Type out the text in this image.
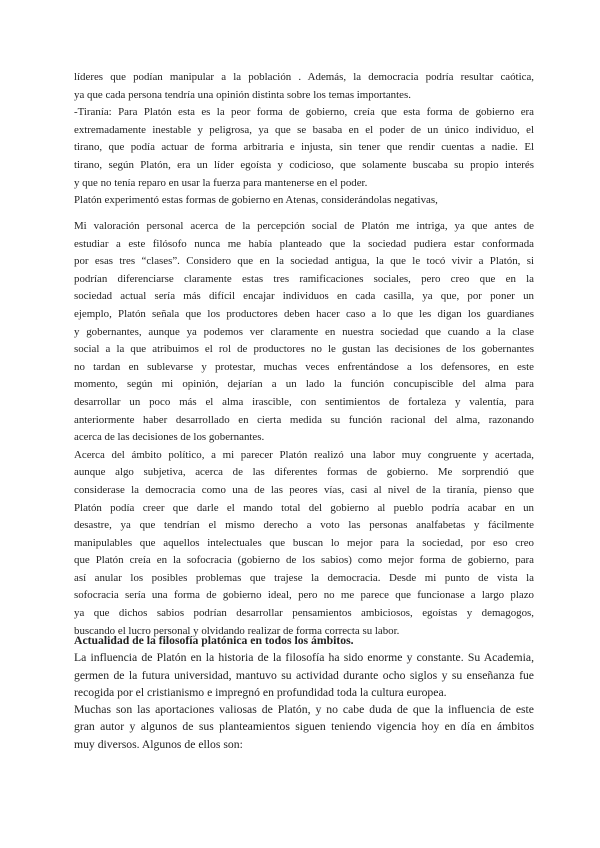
líderes que podían manipular a la población . Además, la democracia podría resultar caótica,
ya que cada persona tendría una opinión distinta sobre los temas importantes.
-Tiranía: Para Platón esta es la peor forma de gobierno, creía que esta forma de gobierno era
extremadamente inestable y peligrosa, ya que se basaba en el poder de un único individuo, el
tirano, que podía actuar de forma arbitraria e injusta, sin tener que rendir cuentas a nadie. El
tirano, según Platón, era un líder egoísta y codicioso, que solamente buscaba su propio interés
y que no tenía reparo en usar la fuerza para mantenerse en el poder.
Platón experimentó estas formas de gobierno en Atenas, considerándolas negativas,
Mi valoración personal acerca de la percepción social de Platón me intriga, ya que antes de
estudiar a este filósofo nunca me había planteado que la sociedad pudiera estar conformada
por esas tres “clases”. Considero que en la sociedad antigua, la que le tocó vivir a Platón, si
podrían diferenciarse claramente estas tres ramificaciones sociales, pero creo que en la
sociedad actual sería más difícil encajar individuos en cada casilla, ya que, por poner un
ejemplo, Platón señala que los productores deben hacer caso a lo que les digan los guardianes
y gobernantes, aunque ya podemos ver claramente en nuestra sociedad que cuando a la clase
social a la que atribuimos el rol de productores no le gustan las decisiones de los gobernantes
no tardan en sublevarse y protestar, muchas veces enfrentándose a los defensores, en este
momento, según mi opinión, dejarían a un lado la función concupiscible del alma para
desarrollar un poco más el alma irascible, con sentimientos de fortaleza y valentía, para
anteriormente haber desarrollado en cierta medida su función racional del alma, razonando
acerca de las decisiones de los gobernantes.
Acerca del ámbito político, a mi parecer Platón realizó una labor muy congruente y acertada,
aunque algo subjetiva, acerca de las diferentes formas de gobierno. Me sorprendió que
considerase la democracia como una de las peores vías, casi al nivel de la tiranía, pienso que
Platón podía creer que darle el mando total del gobierno al pueblo podría acabar en un
desastre, ya que tendrían el mismo derecho a voto las personas analfabetas y fácilmente
manipulables que aquellos intelectuales que buscan lo mejor para la sociedad, por eso creo
que Platón creía en la sofocracia (gobierno de los sabios) como mejor forma de gobierno, para
así anular los posibles problemas que trajese la democracia. Desde mi punto de vista la
sofocracia sería una forma de gobierno ideal, pero no me parece que funcionase a largo plazo
ya que dichos sabios podrían desarrollar pensamientos ambiciosos, egoístas y demagogos,
buscando el lucro personal y olvidando realizar de forma correcta su labor.
Actualidad de la filosofía platónica en todos los ámbitos.
La influencia de Platón en la historia de la filosofía ha sido enorme y constante. Su Academia,
germen de la futura universidad, mantuvo su actividad durante ocho siglos y su enseñanza fue
recogida por el cristianismo e impregnó en profundidad toda la cultura europea.
Muchas son las aportaciones valiosas de Platón, y no cabe duda de que la influencia de este
gran autor y algunos de sus planteamientos siguen teniendo vigencia hoy en día en ámbitos
muy diversos. Algunos de ellos son:
